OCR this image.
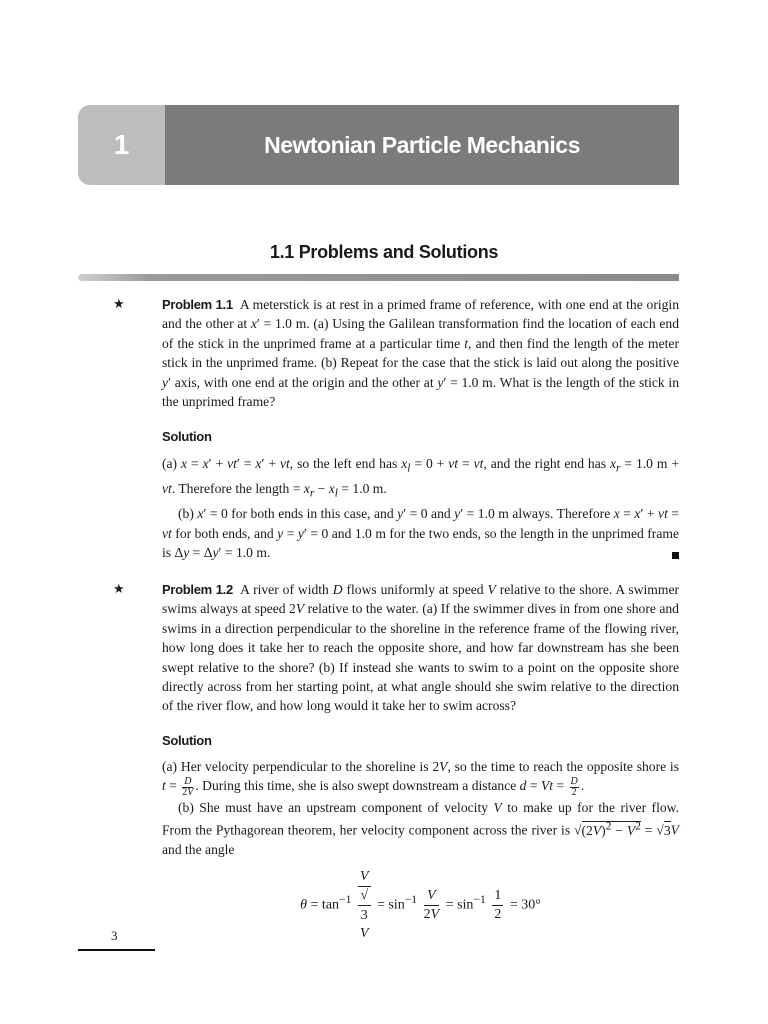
1	Newtonian Particle Mechanics
1.1 Problems and Solutions
★	Problem 1.1 A meterstick is at rest in a primed frame of reference, with one end at the origin and the other at x′ = 1.0 m. (a) Using the Galilean transformation find the location of each end of the stick in the unprimed frame at a particular time t, and then find the length of the meter stick in the unprimed frame. (b) Repeat for the case that the stick is laid out along the positive y′ axis, with one end at the origin and the other at y′ = 1.0 m. What is the length of the stick in the unprimed frame?
Solution
(a) x = x′ + vt′ = x′ + vt, so the left end has $x_l = 0$ + vt = vt, and the right end has $x_r = 1.0$ m + vt. Therefore the length = $x_r - x_l = 1.0$ m.
(b) x′ = 0 for both ends in this case, and y′ = 0 and y′ = 1.0 m always. Therefore x = x′ + vt = vt for both ends, and y = y′ = 0 and 1.0 m for the two ends, so the length in the unprimed frame is Δy = Δy′ = 1.0 m.
★	Problem 1.2 A river of width D flows uniformly at speed V relative to the shore. A swimmer swims always at speed 2V relative to the water. (a) If the swimmer dives in from one shore and swims in a direction perpendicular to the shoreline in the reference frame of the flowing river, how long does it take her to reach the opposite shore, and how far downstream has she been swept relative to the shore? (b) If instead she wants to swim to a point on the opposite shore directly across from her starting point, at what angle should she swim relative to the direction of the river flow, and how long would it take her to swim across?
Solution
(a) Her velocity perpendicular to the shoreline is 2V, so the time to reach the opposite shore is $t = \frac{D}{2V}$ . During this time, she is also swept downstream a distance $d = Vt = \frac{D}{2}$ .
(b) She must have an upstream component of velocity V to make up for the river flow. From the Pythagorean theorem, her velocity component across the river is $√(2V)^2 - V^2 = √3V$ and the angle
$\theta = \tan^{-1} V$
√
3
$V = \sin^{-1} \frac{V}{2V} = \sin^{-1} \frac{1}{2} = 30^\circ$
3
